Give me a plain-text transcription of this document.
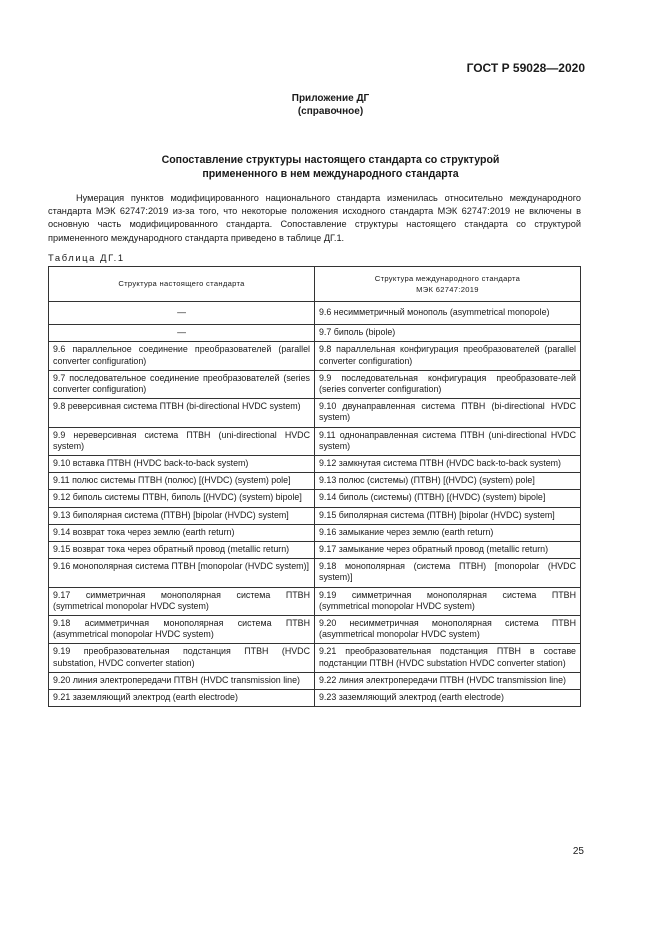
ГОСТ Р 59028—2020
Приложение ДГ
(справочное)
Сопоставление структуры настоящего стандарта со структурой
примененного в нем международного стандарта

Нумерация пунктов модифицированного национального стандарта изменилась относительно международного стандарта МЭК 62747:2019 из-за того, что некоторые положения исходного стандарта МЭК 62747:2019 не включены в основную часть модифицированного стандарта. Сопоставление структуры настоящего стандарта со структурой примененного международного стандарта приведено в таблице ДГ.1.

Таблица ДГ.1
Структура настоящего стандарта	Структура международного стандарта
МЭК 62747:2019

—	9.6 несимметричный монополь (asymmetrical monopole)
—	9.7 биполь (bipole)
9.6 параллельное соединение преобразователей (parallel converter configuration)	9.8 параллельная конфигурация преобразователей (parallel converter configuration)
9.7 последовательное соединение преобразователей (series converter configuration)	9.9 последовательная конфигурация преобразовате-лей (series converter configuration)
9.8 реверсивная система ПТВН (bi-directional HVDC system)	9.10 двунаправленная система ПТВН (bi-directional HVDC system)
9.9 нереверсивная система ПТВН (uni-directional HVDC system)	9.11 однонаправленная система ПТВН (uni-directional HVDC system)
9.10 вставка ПТВН (HVDC back-to-back system)	9.12 замкнутая система ПТВН (HVDC back-to-back system)
9.11 полюс системы ПТВН (полюс) [(HVDC) (system) pole]	9.13 полюс (системы) (ПТВН) [(HVDC) (system) pole]
9.12 биполь системы ПТВН, биполь [(HVDC) (system) bipole]	9.14 биполь (системы) (ПТВН) [(HVDC) (system) bipole]
9.13 биполярная система (ПТВН) [bipolar (HVDC) system]	9.15 биполярная система (ПТВН) [bipolar (HVDC) system]
9.14 возврат тока через землю (earth return)	9.16 замыкание через землю (earth return)
9.15 возврат тока через обратный провод (metallic return)	9.17 замыкание через обратный провод (metallic return)
9.16 монополярная система ПТВН [monopolar (HVDC system)]	9.18 монополярная (система ПТВН) [monopolar (HVDC system)]
9.17 симметричная монополярная система ПТВН (symmetrical monopolar HVDC system)	9.19 симметричная монополярная система ПТВН (symmetrical monopolar HVDC system)
9.18 асимметричная монополярная система ПТВН (asymmetrical monopolar HVDC system)	9.20 несимметричная монополярная система ПТВН (asymmetrical monopolar HVDC system)
9.19 преобразовательная подстанция ПТВН (HVDC substation, HVDC converter station)	9.21 преобразовательная подстанция ПТВН в составе подстанции ПТВН (HVDC substation HVDC converter station)
9.20 линия электропередачи ПТВН (HVDC transmission line)	9.22 линия электропередачи ПТВН (HVDC transmission line)
9.21 заземляющий электрод (earth electrode)	9.23 заземляющий электрод (earth electrode)
25
